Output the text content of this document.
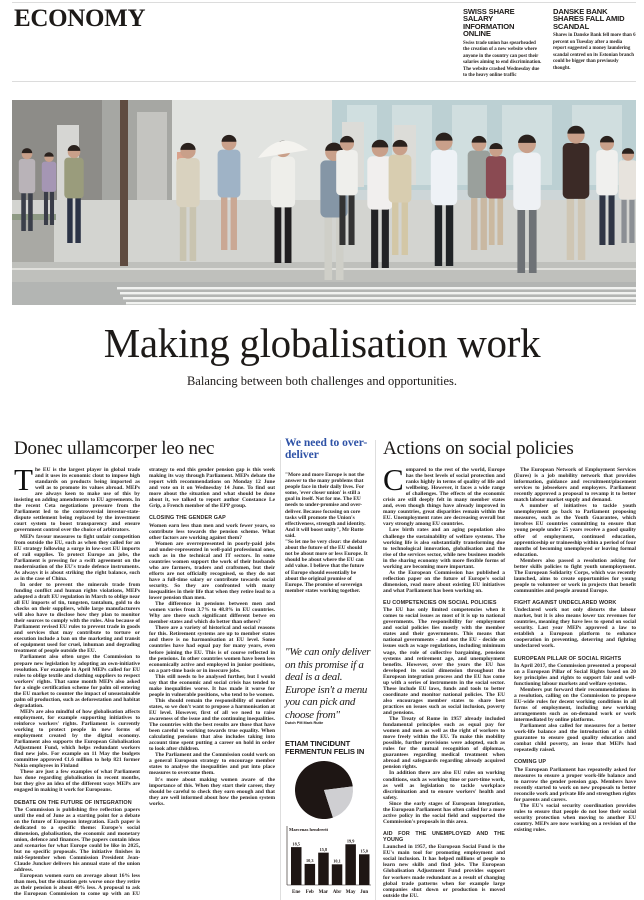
ECONOMY	SWISS SHARE SALARY INFORMATION ONLINE

Swiss trade union has spearheaded the creation of a new website where anyone in the country can post their salaries aiming to end discrimination. The website crashed Wednesday due to the heavy online traffic

DANSKE BANK SHARES FALL AMID SCANDAL

Shares in Danske Bank fell more than 6 percent on Tuesday after a media report suggested a money laundering scandal centred on its Estonian branch could be bigger than previously thought.

Making globalisation work
Balancing between both challenges and opportunities.
Donec ullamcorper leo nec	We need to over-deliver	Actions on social policies

The EU is the largest player in global trade and it uses its economic clout to impose high standards on products being imported as well as to promote its values abroad. MEPs are always keen to make use of this by insisting on adding amendments to EU agreements. In the recent Ceta negotiations pressure from the Parliament led to the controversial investor-state-dispute settlement being replaced by the investment court system to boost transparency and ensure government control over the choice of arbitrators.

MEPs favour measures to fight unfair competition from outside the EU, such as when they called for an EU strategy following a surge in low-cost EU imports of rail supplies. To protect Europe an jobs, the Parliament is pressing for a swift agreement on the modernisation of the EU's trade defence instruments. As always it is about striking the right balance, such as in the case of China.

In order to prevent the minerals trade from funding conflict and human rights violations, MEPs adopted a draft EU regulation in March to oblige near all EU imports of tin, tungsten, tantalum, gold to do checks on their suppliers, while large manufacturers will also have to disclose how they plan to monitor their sources to comply with the rules. Also because of Parliament revised EU rules to prevent trade in goods and services that may contribute to torture or execution include a ban on the marketing and transit of equipment used for cruel, inhuman and degrading treatment of people outside the EU.

Parliament also often urges the Commission to prepare new legislation by adopting an own-initiative resolution. For example in April MEPs called for EU rules to oblige textile and clothing suppliers to respect workers' rights. That same month MEPs also asked for a single certification scheme for palm oil entering the EU market to counter the impact of unsustainable palm oil production, such as deforestation and habitat degradation.

MEPs are also mindful of how globalisation affects employment, for example supporting initiatives to reinforce workers' rights. Parliament is currently working to protect people in new forms of employment created by the digital economy. Parliament also supports the European Globalisation Adjustment Fund, which helps redundant workers find new jobs. For example on 11 May the budgets committee approved €1.6 million to help 821 former Nokia employees in Finland

These are just a few examples of what Parliament has done regarding globalisation in recent months, but they give an idea of the different ways MEPs are engaged in making it work for Europeans.

DEBATE ON THE FUTURE OF INTEGRATION

The Commission is publishing five reflection papers until the end of June as a starting point for a debate on the future of European integration. Each paper is dedicated to a specific theme: Europe's social dimension, globalisation, the economic and monetary union, defence and finances. The papers contain ideas and scenarios for what Europe could be like in 2025, but no specific proposals. The initiative finishes in mid-September when Commission President Jean-Claude Juncker delivers his annual state of the union address.

European women earn on average about 16% less than men, but the situation gets worse once they retire as their pension is about 40% less. A proposal to ask the European Commission to come up with an EU strategy to end this gender pension gap is this week making its way through Parliament. MEPs debate the report with recommendations on Monday 12 June and vote on it on Wednesday 14 June. To find out more about the situation and what should be done about it, we talked to report author Constance Le Grip, a French member of the EPP group.

CLOSING THE GENDER GAP

Women earn less than men and work fewer years, so contribute less towards the pension scheme. What other factors are working against them?

Women are overrepresented in poorly-paid jobs and under-represented in well-paid professional ones, such as in the technical and IT sectors. In some countries women support the work of their husbands who are farmers, traders and craftsmen, but their efforts are not officially recognised, so they do not have a full-time salary or contribute towards social security. So they are confronted with many inequalities in their life that when they retire lead to a lower pension than men.

The difference in pensions between men and women varies from 3.7% to 48.8% in EU countries. Why are there such significant different betwe en member states and which do better than others?

There are a variety of historical and social reasons for this. Retirement systems are up to member states and there is no harmonisation at EU level. Some countries have had equal pay for many years, even before joining the EU. This is of course reflected in the pensions. In other countries women have been less economically active and employed in junior positions, on a part-time basis or in insecure jobs.

This still needs to be analysed further, but I would say that the economic and social crisis has tended to make inequalities worse. It has made it worse for people in vulnerable positions, who tend to be women.

This should remain the responsibility of member states, so we don't want to propose a harmonisation at EU level. However, first of all we need to raise awareness of the issue and the continuing inequalities. The countries with the best results are those that have been careful to working towards true equality. When calculating pensions that also includes taking into account time spent putting a career on hold in order to look after children.

The Parliament and the Commission could work on a general European strategy to encourage member states to analyse the inequalities and put into place measures to overcome them.

It's more about making women aware of the importance of this. When they start their career, they should be careful to check they earn enough and that they are well informed about how the pension system works.

"More and more Europe is not the answer to the many problems that people face in their daily lives. For some, 'ever closer union' is still a goal in itself. Not for me. The EU needs to under-promise and over-deliver. Because focusing on core tasks will promote the Union's effectiveness, strength and identity. And it will boost unity", Mr Rutte said.

"So let me be very clear: the debate about the future of the EU should not be about more or less Europe. It should be about where the EU can add value. I believe that the future of Europe should essentially be about the original promise of Europe. The promise of sovereign member states working together.

"We can only deliver on this promise if a deal is a deal. Europe isn't a menu you can pick and choose from"
Dutch PM Mark Rutte
ETIAM TINCIDUNT FERMENTUN FELIS IN
Maecenas hendrerit
18,5
Ene
10,3
Feb
15,8
Mar
10,1
Abr
19,9
May
15,0
Jun

Compared to the rest of the world, Europe has the best levels of social protection and ranks highly in terms of quality of life and wellbeing. However, it faces a wide range of challenges. The effects of the economic crisis are still deeply felt in many member states and, even though things have already improved in many countries, great disparities remain within the EU. Unemployment rates are decreasing overall but vary strongly among EU countries.

Low birth rates and an aging population also challenge the sustainability of welfare systems. The working life is also substantially transforming due to technological innovation, globalisation and the rise of the services sector, while new business models in the sharing economy with more flexible forms of working are becoming more important.

As the European Commission has published a reflection paper on the future of Europe's social dimension, read more about existing EU initiatives and what Parliament has been working on.

EU COMPETENCIES ON SOCIAL POLICIES

The EU has only limited competencies when it comes to social issues as most of it is up to national governments. The responsibility for employment and social policies lies mostly with the member states and their governments. This means that national governments - and not the EU - decide on issues such as wage regulations, including minimum wage, the role of collective bargaining, pensions systems and retirement age, and unemployment benefits. However, over the years the EU has developed its social dimension throughout the European integration process and the EU has come up with a series of instruments in the social sector. These include EU laws, funds and tools to better coordinate and monitor national policies. The EU also encourages member states to share best practices on issues such as social inclusion, poverty and pensions.

The Treaty of Rome in 1957 already included fundamental principles such as equal pay for women and men as well as the right of workers to move freely within the EU. To make this mobility possible, further provisions were adopted, such as rules for the mutual recognition of diplomas, guarantees regarding medical treatment when abroad and safeguards regarding already acquired pension rights.

In addition there are also EU rules on working conditions, such as working time or part-time work, as well as legislation to tackle workplace discrimination and to ensure workers' health and safety.

Since the early stages of European integration, the European Parliament has often called for a more active policy in the social field and supported the Commission's proposals in this area.

AID FOR THE UNEMPLOYED AND THE YOUNG

Launched in 1957, the European Social Fund is the EU's main tool for promoting employment and social inclusion. It has helped millions of people to learn new skills and find jobs. The European Globalisation Adjustment Fund provides support for workers made redundant as a result of changing global trade patterns when for example large companies shut down or production is moved outside the EU.

The European Network of Employment Services (Eures) is a job mobility network that provides information, guidance and recruitment/placement services to jobseekers and employers. Parliament recently approved a proposal to revamp it to better match labour market supply and demand.

A number of initiatives to tackle youth unemployment go back to Parliament proposing measures, such as the Youth Guarantee, which involves EU countries committing to ensure that young people under 25 years receive a good quality offer of employment, continued education, apprenticeship or traineeship within a period of four months of becoming unemployed or leaving formal education.

Members also passed a resolution asking for better skills policies to fight youth unemployment. The European Solidarity Corps, which was recently launched, aims to create opportunities for young people to volunteer or work in projects that benefit communities and people around Europe.

FIGHT AGAINST UNDECLARED WORK

Undeclared work not only distorts the labour market, but it is also means lower tax revenues for countries, meaning they have less to spend on social security. Last year MEPs approved a law to establish a European platform to enhance cooperation in preventing, deterring and fighting undeclared work.

EUROPEAN PILLAR OF SOCIAL RIGHTS

In April 2017, the Commission presented a proposal on a European Pillar of Social Rights based on 20 key principles and rights to support fair and well-functioning labour markets and welfare systems.

Members put forward their recommendations in a resolution, calling on the Commission to propose EU-wide rules for decent working conditions in all forms of employment, including new working arrangements such as on-demand work or work intermediated by online platforms.

Parliament also called for measures for a better work-life balance and the introduction of a child guarantee to ensure good quality education and combat child poverty, an issue that MEPs had repeatedly raised.

COMING UP

The European Parliament has repeatedly asked for measures to ensure a proper work-life balance and to narrow the gender pension gap. Members have recently started to work on new proposals to better reconcile work and private life and strengthen rights for parents and carers.

The EU's social security coordination provides rules to ensure that people do not lose their social security protection when moving to another EU country. MEPs are now working on a revision of the existing rules.
